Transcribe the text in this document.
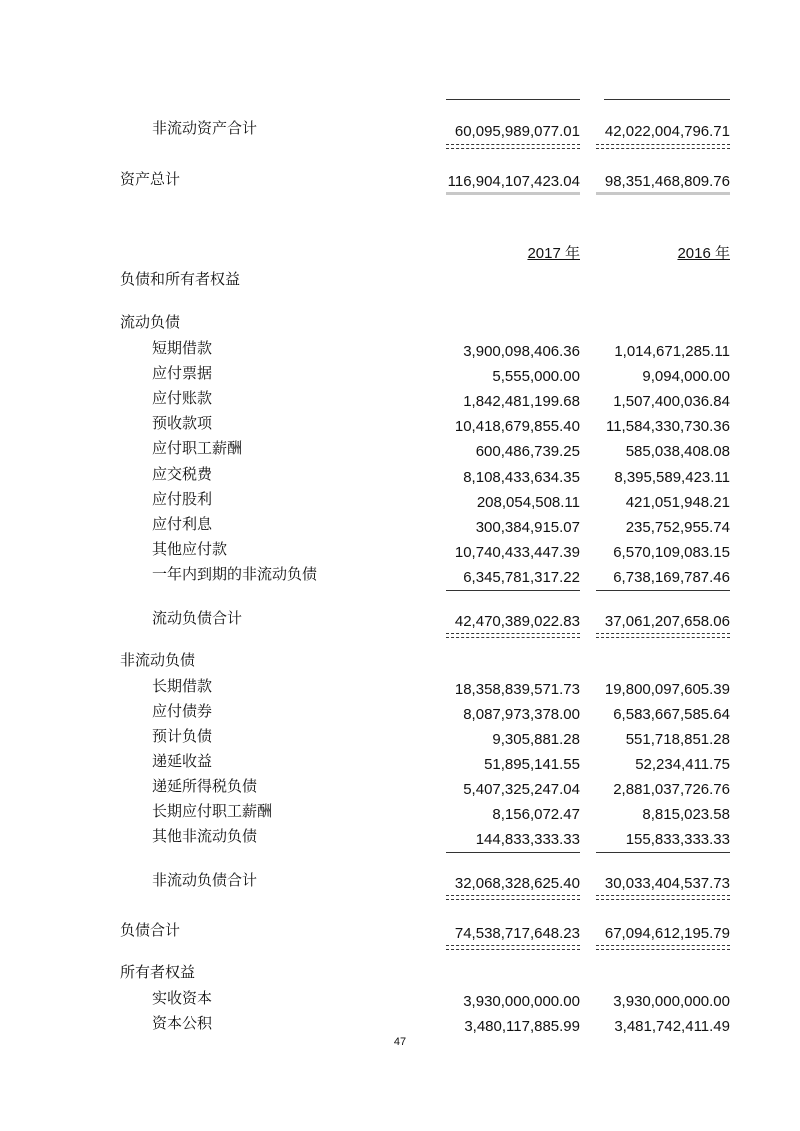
非流动资产合计	60,095,989,077.01	42,022,004,796.71
资产总计	116,904,107,423.04	98,351,468,809.76
2017 年	2016 年
负债和所有者权益
流动负债
短期借款	3,900,098,406.36	1,014,671,285.11
应付票据	5,555,000.00	9,094,000.00
应付账款	1,842,481,199.68	1,507,400,036.84
预收款项	10,418,679,855.40	11,584,330,730.36
应付职工薪酬	600,486,739.25	585,038,408.08
应交税费	8,108,433,634.35	8,395,589,423.11
应付股利	208,054,508.11	421,051,948.21
应付利息	300,384,915.07	235,752,955.74
其他应付款	10,740,433,447.39	6,570,109,083.15
一年内到期的非流动负债	6,345,781,317.22	6,738,169,787.46
流动负债合计	42,470,389,022.83	37,061,207,658.06
非流动负债
长期借款	18,358,839,571.73	19,800,097,605.39
应付债券	8,087,973,378.00	6,583,667,585.64
预计负债	9,305,881.28	551,718,851.28
递延收益	51,895,141.55	52,234,411.75
递延所得税负债	5,407,325,247.04	2,881,037,726.76
长期应付职工薪酬	8,156,072.47	8,815,023.58
其他非流动负债	144,833,333.33	155,833,333.33
非流动负债合计	32,068,328,625.40	30,033,404,537.73
负债合计	74,538,717,648.23	67,094,612,195.79
所有者权益
实收资本	3,930,000,000.00	3,930,000,000.00
资本公积	3,480,117,885.99	3,481,742,411.49
47
